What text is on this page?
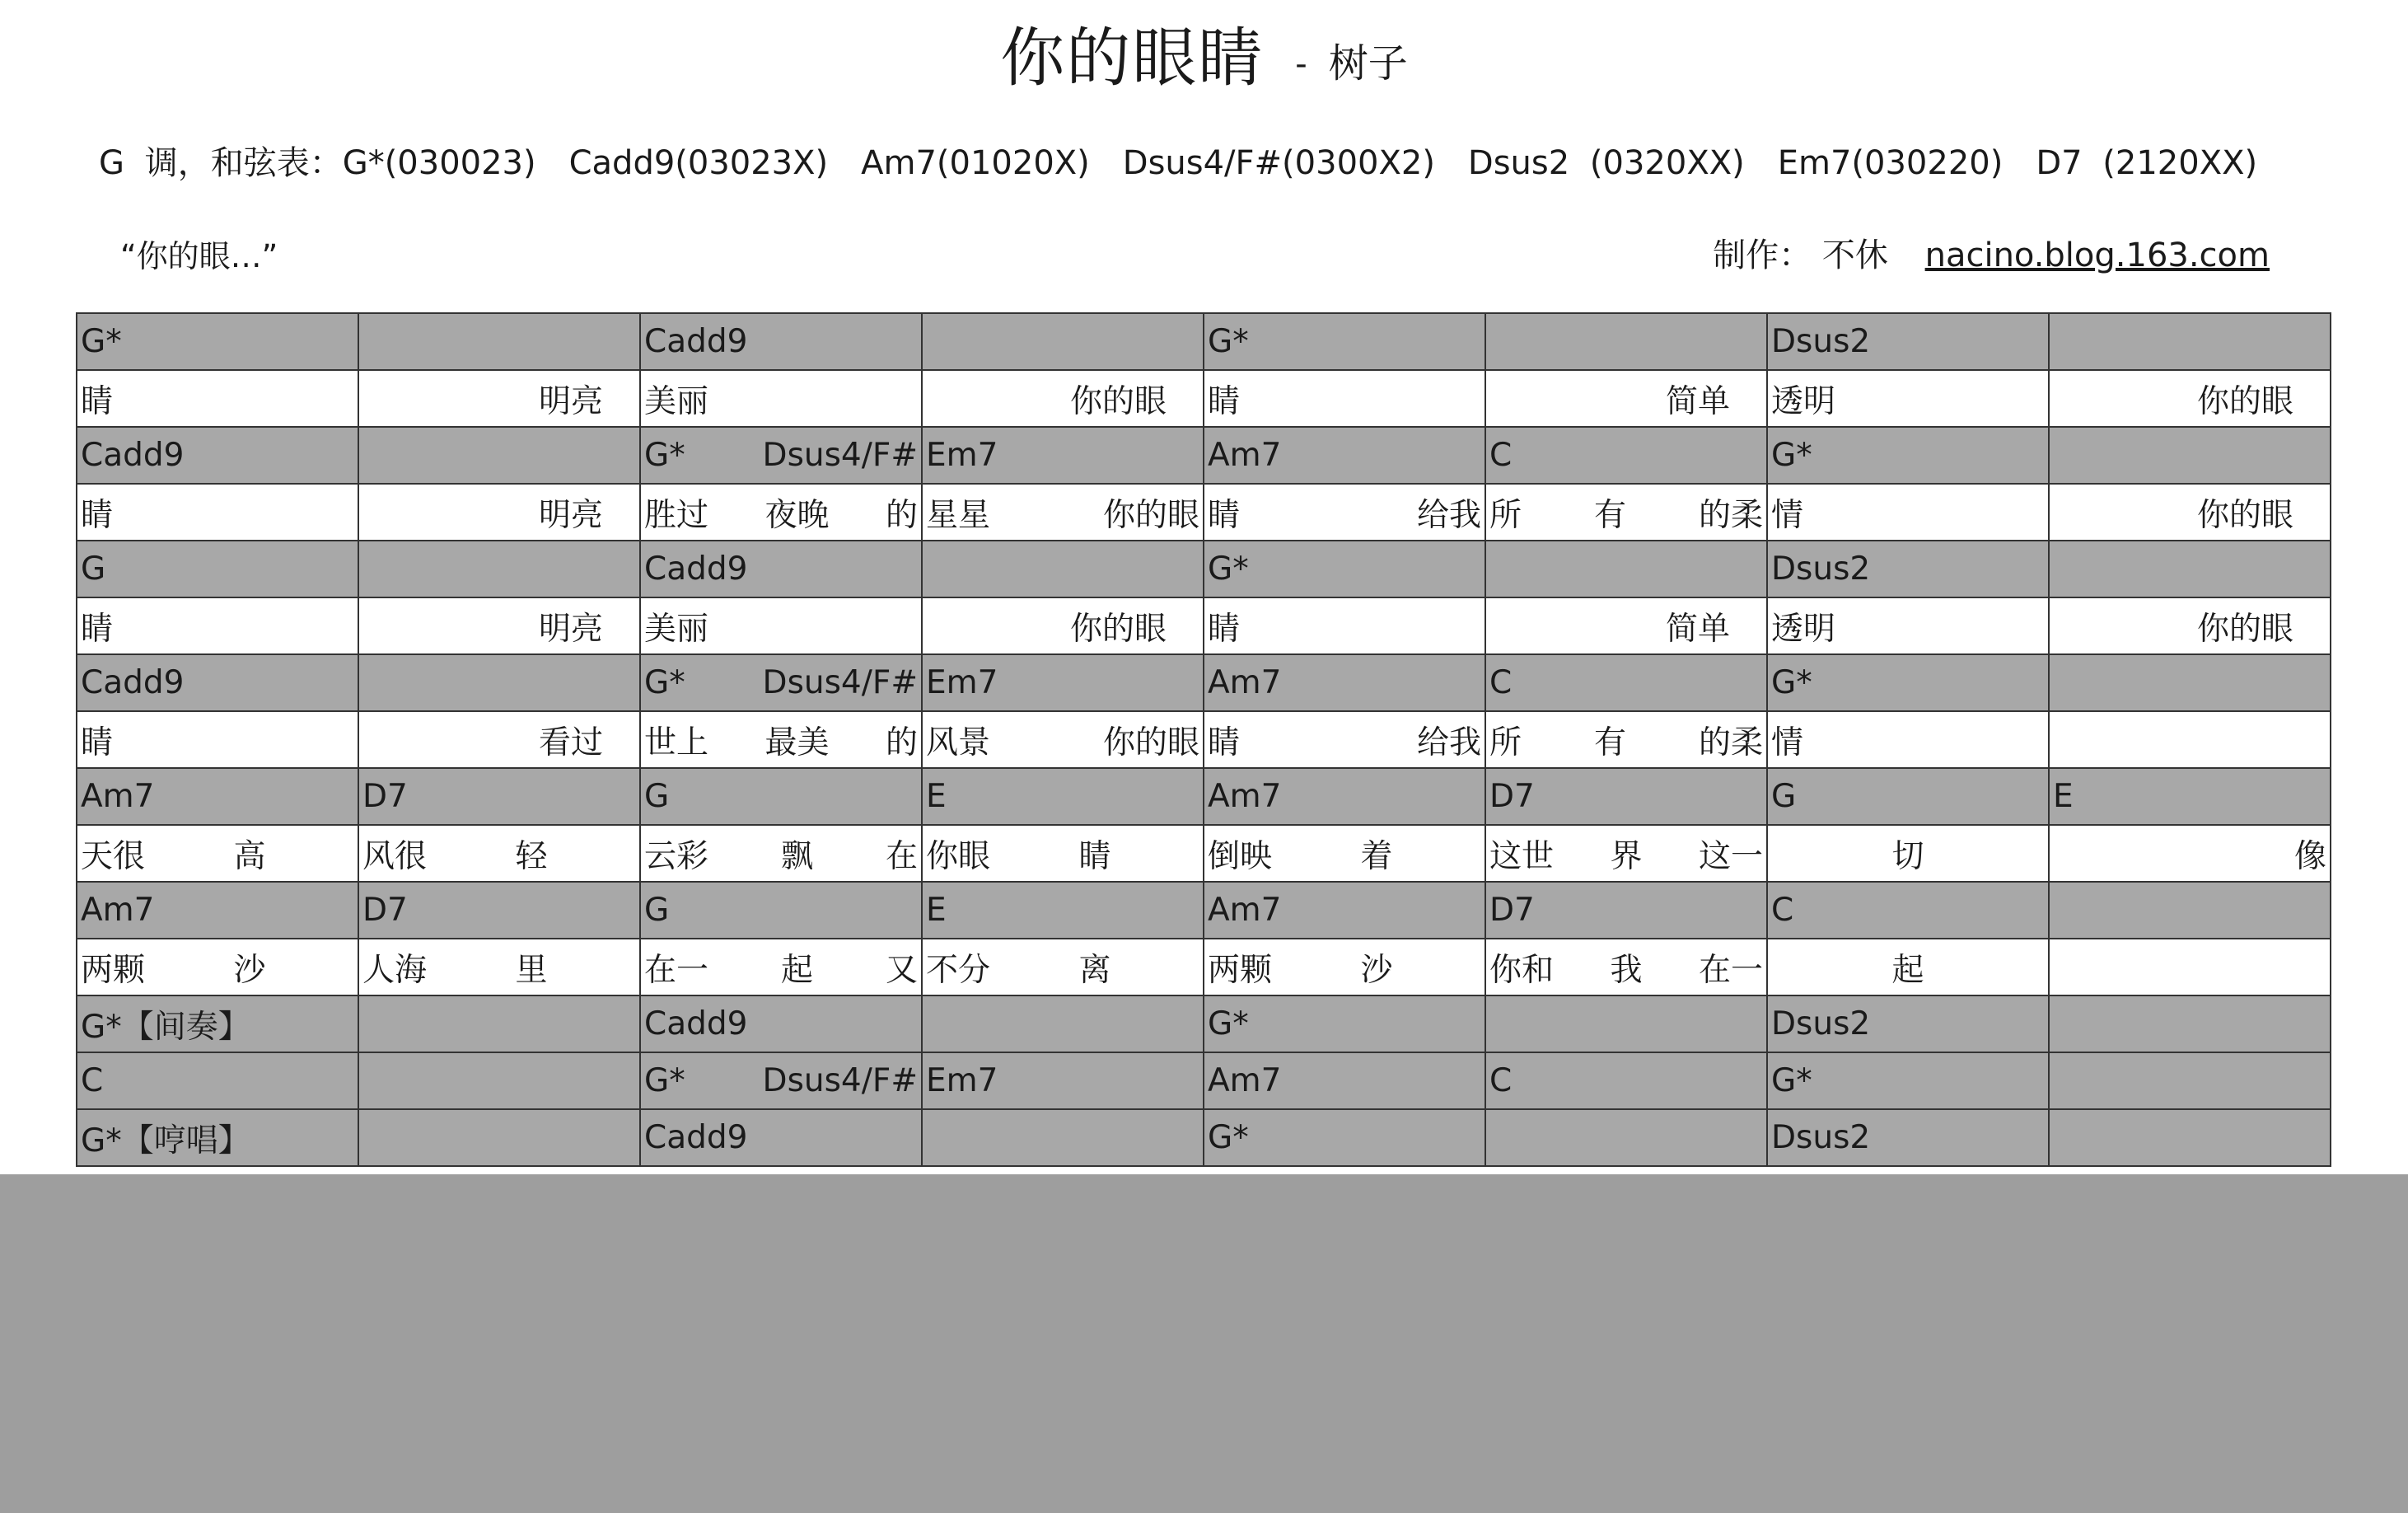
你的眼睛 - 树子
G 调，和弦表：G*(030023)　Cadd9(03023X)　Am7(01020X)　Dsus4/F#(0300X2)　Dsus2 (0320XX)　Em7(030220)　D7 (2120XX)
“你的眼…”	制作： 不休 nacino.blog.163.com
G*		Cadd9		G*		Dsus2	

睛	明亮	美丽	你的眼	睛	简单	透明	你的眼

Cadd9		G* Dsus4/F#	Em7	Am7	C	G*	

睛	明亮	胜过 夜晚 的	星星 你的眼	睛 给我	所 有 的柔	情	你的眼

G		Cadd9		G*		Dsus2	

睛	明亮	美丽	你的眼	睛	简单	透明	你的眼

Cadd9		G* Dsus4/F#	Em7	Am7	C	G*	

睛	看过	世上 最美 的	风景 你的眼	睛 给我	所 有 的柔	情	

Am7	D7	G	E	Am7	D7	G	E

天很 高	风很 轻	云彩 飘 在	你眼 睛	倒映 着	这世 界 这一	切	像

Am7	D7	G	E	Am7	D7	C	

两颗 沙	人海 里	在一 起 又	不分 离	两颗 沙	你和 我 在一	起	

G*【间奏】		Cadd9		G*		Dsus2	

C		G* Dsus4/F#	Em7	Am7	C	G*	

G*【哼唱】		Cadd9		G*		Dsus2	
